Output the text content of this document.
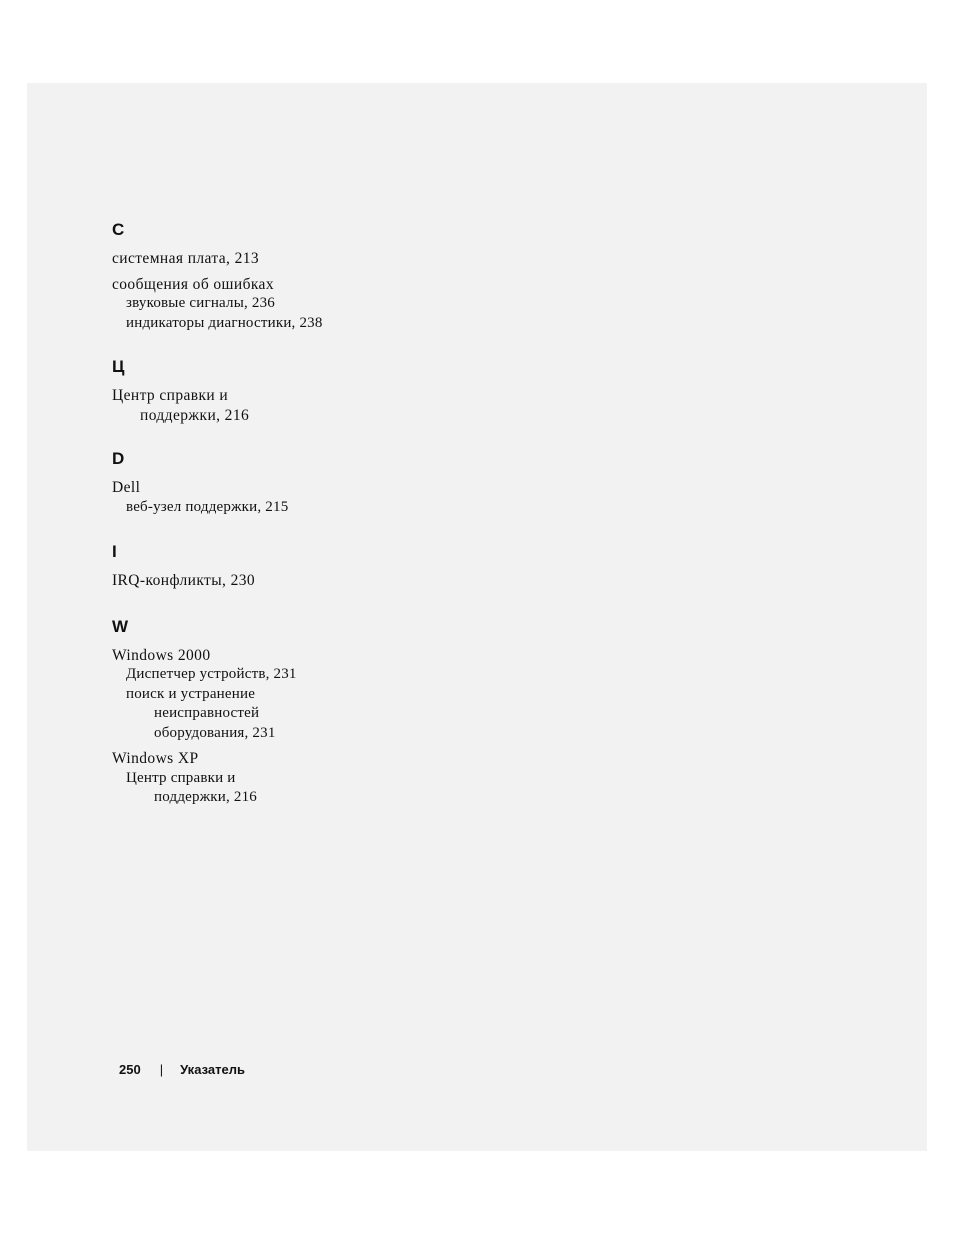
С
системная плата, 213
сообщения об ошибках
звуковые сигналы, 236
индикаторы диагностики, 238
Ц
Центр справки и
поддержки, 216
D
Dell
веб-узел поддержки, 215
I
IRQ-конфликты, 230
W
Windows 2000
Диспетчер устройств, 231
поиск и устранение
неисправностей
оборудования, 231
Windows XP
Центр справки и
поддержки, 216
250 | Указатель
